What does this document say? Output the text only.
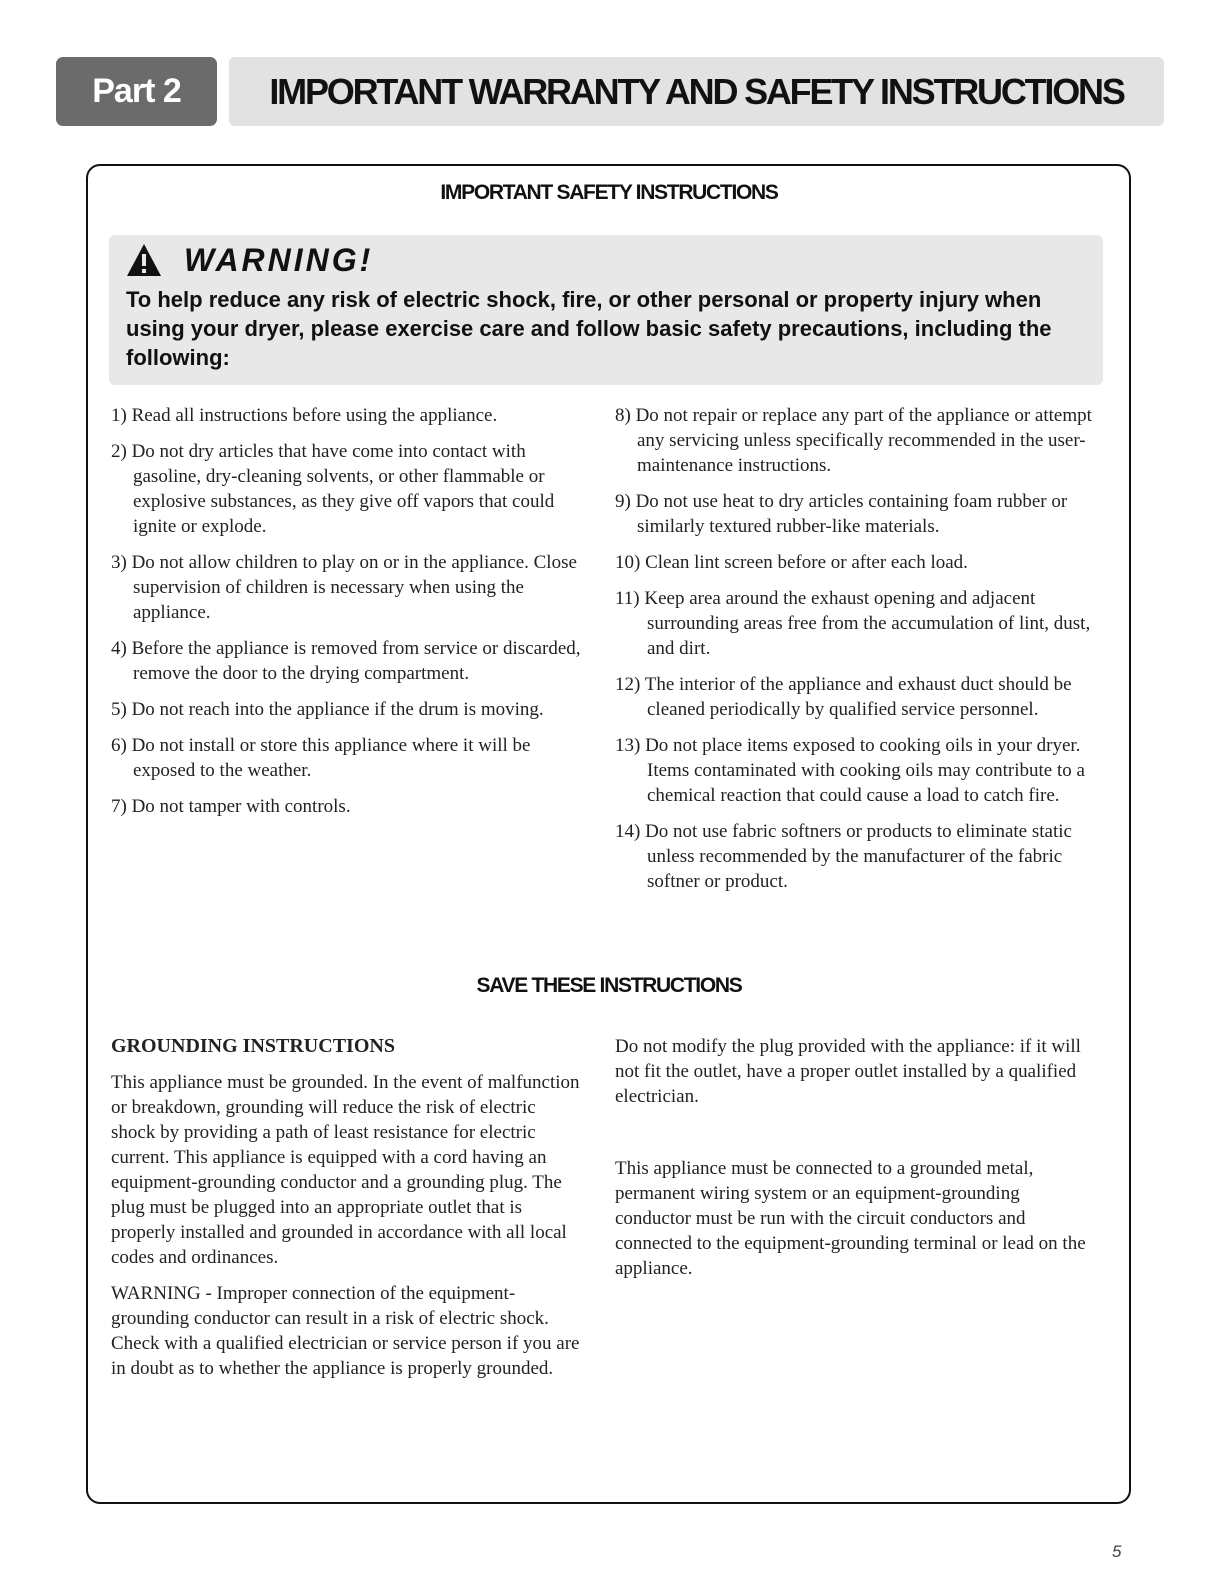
Part 2	IMPORTANT WARRANTY AND SAFETY INSTRUCTIONS
IMPORTANT SAFETY INSTRUCTIONS
WARNING!
To help reduce any risk of electric shock, fire, or other personal or property injury when using your dryer, please exercise care and follow basic safety precautions, including the following:
1) Read all instructions before using the appliance.
2) Do not dry articles that have come into contact with gasoline, dry-cleaning solvents, or other flammable or explosive substances, as they give off vapors that could ignite or explode.
3) Do not allow children to play on or in the appliance. Close supervision of children is necessary when using the appliance.
4) Before the appliance is removed from service or discarded, remove the door to the drying compartment.
5) Do not reach into the appliance if the drum is moving.
6) Do not install or store this appliance where it will be exposed to the weather.
7) Do not tamper with controls.
8) Do not repair or replace any part of the appliance or attempt any servicing unless specifically recommended in the user-maintenance instructions.
9) Do not use heat to dry articles containing foam rubber or similarly textured rubber-like materials.
10) Clean lint screen before or after each load.
11) Keep area around the exhaust opening and adjacent surrounding areas free from the accumulation of lint, dust, and dirt.
12) The interior of the appliance and exhaust duct should be cleaned periodically by qualified service personnel.
13) Do not place items exposed to cooking oils in your dryer. Items contaminated with cooking oils may contribute to a chemical reaction that could cause a load to catch fire.
14) Do not use fabric softners or products to eliminate static unless recommended by the manufacturer of the fabric softner or product.
SAVE THESE INSTRUCTIONS
GROUNDING INSTRUCTIONS

This appliance must be grounded. In the event of malfunction or breakdown, grounding will reduce the risk of electric shock by providing a path of least resistance for electric current. This appliance is equipped with a cord having an equipment-grounding conductor and a grounding plug. The plug must be plugged into an appropriate outlet that is properly installed and grounded in accordance with all local codes and ordinances.

WARNING - Improper connection of the equipment-grounding conductor can result in a risk of electric shock. Check with a qualified electrician or service person if you are in doubt as to whether the appliance is properly grounded.

Do not modify the plug provided with the appliance: if it will not fit the outlet, have a proper outlet installed by a qualified electrician.

This appliance must be connected to a grounded metal, permanent wiring system or an equipment-grounding conductor must be run with the circuit conductors and connected to the equipment-grounding terminal or lead on the appliance.

5
